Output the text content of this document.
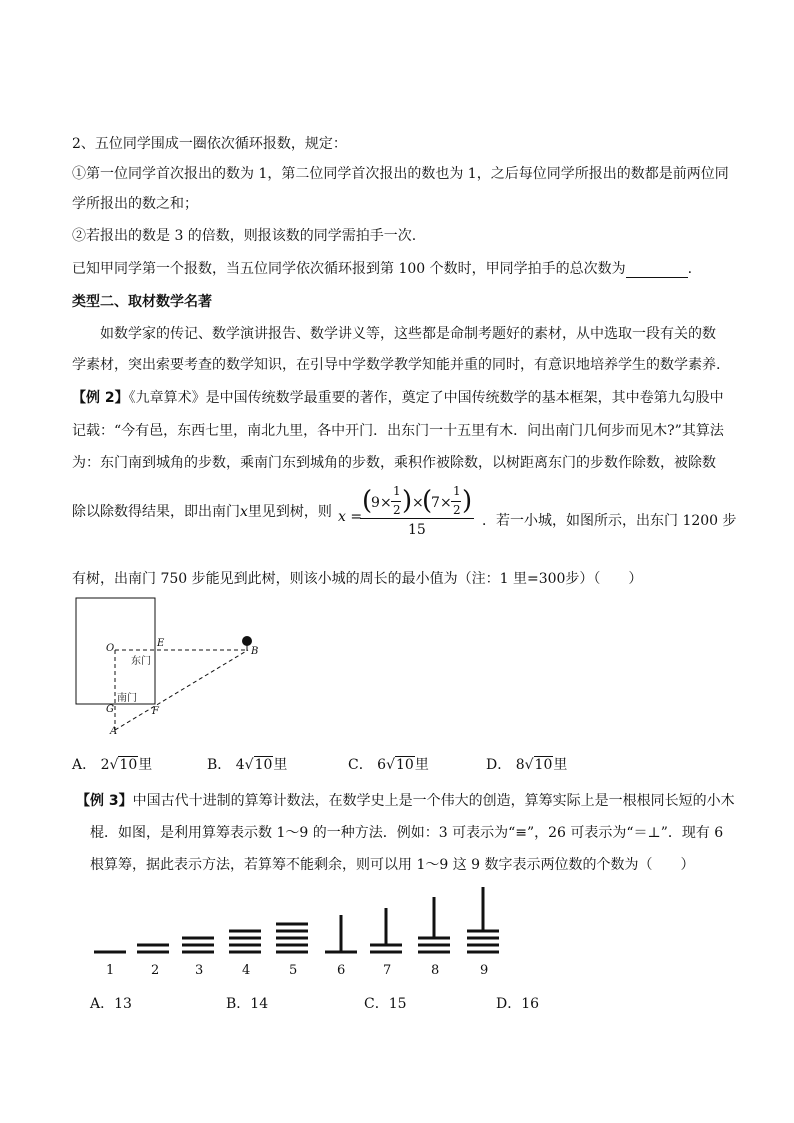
2、五位同学围成一圈依次循环报数，规定：
①第一位同学首次报出的数为 1，第二位同学首次报出的数也为 1，之后每位同学所报出的数都是前两位同
学所报出的数之和；
②若报出的数是 3 的倍数，则报该数的同学需拍手一次.
已知甲同学第一个报数，当五位同学依次循环报到第 100 个数时，甲同学拍手的总次数为	.
类型二、取材数学名著
如数学家的传记、数学演讲报告、数学讲义等，这些都是命制考题好的素材，从中选取一段有关的数
学素材，突出索要考查的数学知识，在引导中学数学教学知能并重的同时，有意识地培养学生的数学素养.
【例 2】《九章算术》是中国传统数学最重要的著作，奠定了中国传统数学的基本框架，其中卷第九勾股中
记载：“今有邑，东西七里，南北九里，各中开门．出东门一十五里有木．问出南门几何步而见木?”其算法
为：东门南到城角的步数，乘南门东到城角的步数，乘积作被除数，以树距离东门的步数作除数，被除数
除以除数得结果，即出南门x里见到树，则 x =
(
9 ×
1
2 ) ×
(
7 ×
1
2 )
15
．若一小城，如图所示，出东门 1200 步
有树，出南门 750 步能见到此树，则该小城的周长的最小值为（注：1 里=300步）（　　）
O	E
B
G	F
A
东门
南门
A． 2√10里	B． 4√10里	C． 6√10里	D． 8√10里
【例 3】中国古代十进制的算筹计数法，在数学史上是一个伟大的创造，算筹实际上是一根根同长短的小木
棍．如图，是利用算筹表示数 1～9 的一种方法．例如：3 可表示为“≡”，26 可表示为“＝⊥”．现有 6
根算筹，据此表示方法，若算筹不能剩余，则可以用 1～9 这 9 数字表示两位数的个数为（　　）
1	2	3	4	5	6	7	8	9
A．13	B．14	C．15	D．16
